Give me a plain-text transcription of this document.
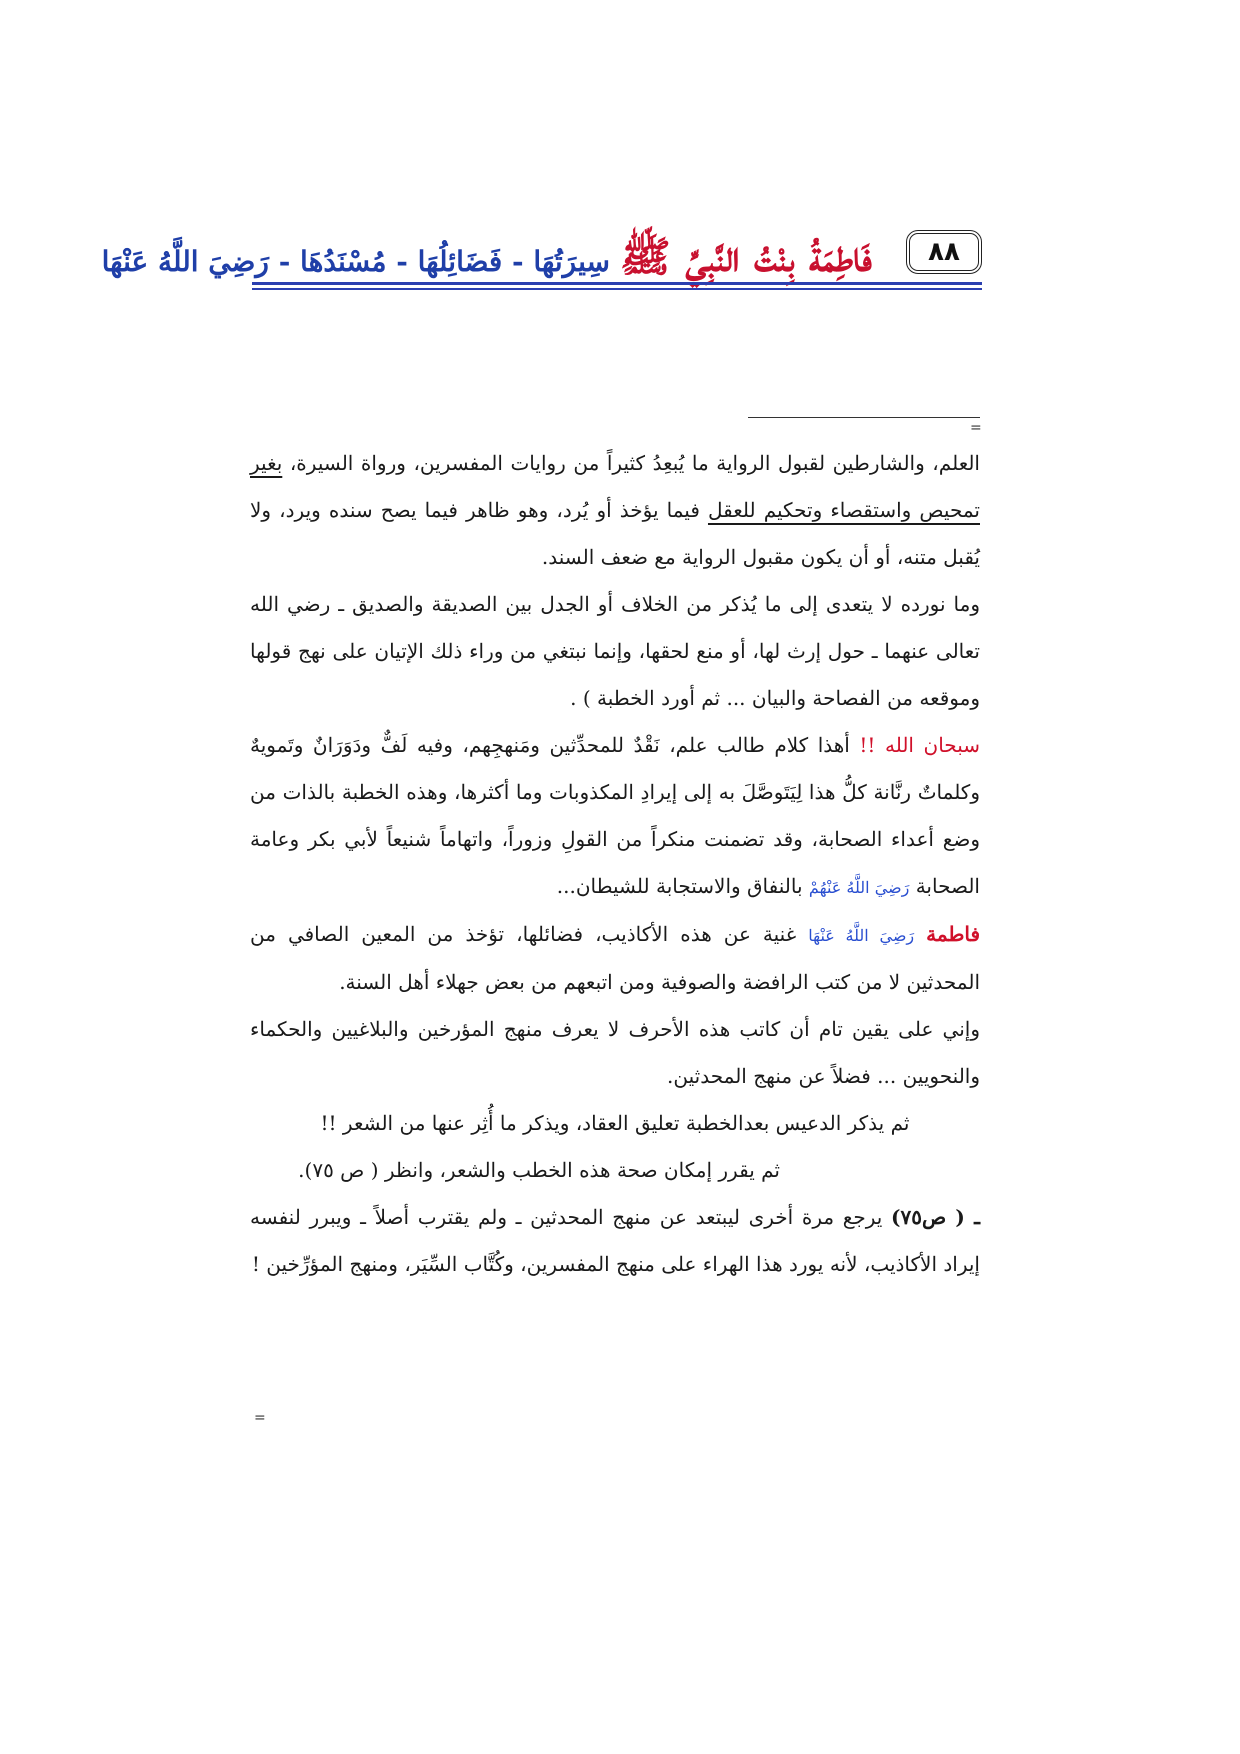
٨٨
فَاطِمَةُ بِنْتُ النَّبِيِّ ﷺ
سِيرَتُهَا - فَضَائِلُهَا - مُسْنَدُهَا - رَضِيَ اللَّهُ عَنْهَا
=

العلم، والشارطين لقبول الرواية ما يُبعِدُ كثيراً من روايات المفسرين، ورواة السيرة، بغير تمحيص واستقصاء وتحكيم للعقل فيما يؤخذ أو يُرد، وهو ظاهر فيما يصح سنده ويرد، ولا يُقبل متنه، أو أن يكون مقبول الرواية مع ضعف السند.

وما نورده لا يتعدى إلى ما يُذكر من الخلاف أو الجدل بين الصديقة والصديق ـ رضي الله تعالى عنهما ـ حول إرث لها، أو منع لحقها، وإنما نبتغي من وراء ذلك الإتيان على نهج قولها وموقعه من الفصاحة والبيان ... ثم أورد الخطبة ) .

سبحان الله !! أهذا كلام طالب علم، نَقْدٌ للمحدِّثين ومَنهجِهم، وفيه لَفٌّ ودَوَرَانٌ وتَمويهٌ وكلماتٌ رنَّانة كلُّ هذا لِيَتَوصَّلَ به إلى إيرادِ المكذوبات وما أكثرها، وهذه الخطبة بالذات من وضع أعداء الصحابة، وقد تضمنت منكراً من القولِ وزوراً، واتهاماً شنيعاً لأبي بكر وعامة الصحابة رَضِيَ اللَّهُ عَنْهُمْ بالنفاق والاستجابة للشيطان...

فاطمة رَضِيَ اللَّهُ عَنْهَا غنية عن هذه الأكاذيب، فضائلها، تؤخذ من المعين الصافي من المحدثين لا من كتب الرافضة والصوفية ومن اتبعهم من بعض جهلاء أهل السنة.

وإني على يقين تام أن كاتب هذه الأحرف لا يعرف منهج المؤرخين والبلاغيين والحكماء والنحويين ... فضلاً عن منهج المحدثين.

ثم يذكر الدعيس بعدالخطبة تعليق العقاد، ويذكر ما أُثِر عنها من الشعر !!

ثم يقرر إمكان صحة هذه الخطب والشعر، وانظر ( ص ٧٥).

ـ ( ص٧٥) يرجع مرة أخرى ليبتعد عن منهج المحدثين ـ ولم يقترب أصلاً ـ ويبرر لنفسه إيراد الأكاذيب، لأنه يورد هذا الهراء على منهج المفسرين، وكُتَّاب السِّيَر، ومنهج المؤرِّخين !

=
